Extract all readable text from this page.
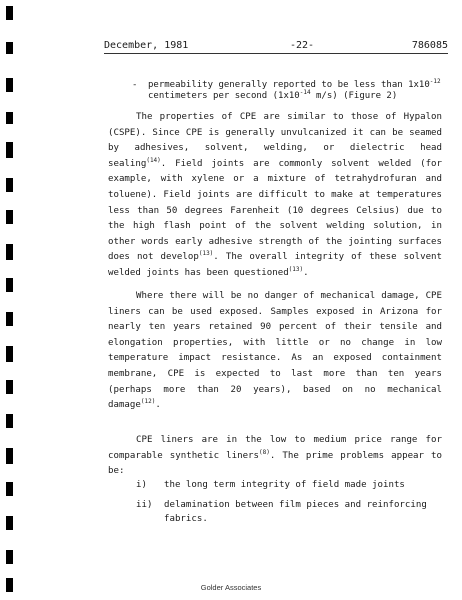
December, 1981	-22-	786085
- permeability generally reported to be less than $1x10^{-12}$ centimeters per second ($1x10^{-14}$ m/s) (Figure 2)

The properties of CPE are similar to those of Hypalon (CSPE). Since CPE is generally unvulcanized it can be seamed by adhesives, solvent, welding, or dielectric head sealing$^{(14)}$. Field joints are commonly solvent welded (for example, with xylene or a mixture of tetrahydrofuran and toluene). Field joints are difficult to make at temperatures less than 50 degrees Farenheit (10 degrees Celsius) due to the high flash point of the solvent welding solution, in other words early adhesive strength of the jointing surfaces does not develop$^{(13)}$. The overall integrity of these solvent welded joints has been questioned$^{(13)}$.

Where there will be no danger of mechanical damage, CPE liners can be used exposed. Samples exposed in Arizona for nearly ten years retained 90 percent of their tensile and elongation properties, with little or no change in low temperature impact resistance. As an exposed containment membrane, CPE is expected to last more than ten years (perhaps more than 20 years), based on no mechanical damage$^{(12)}$.

CPE liners are in the low to medium price range for comparable synthetic liners$^{(8)}$. The prime problems appear to be:

i) the long term integrity of field made joints
ii) delamination between film pieces and reinforcing fabrics.
Golder Associates
